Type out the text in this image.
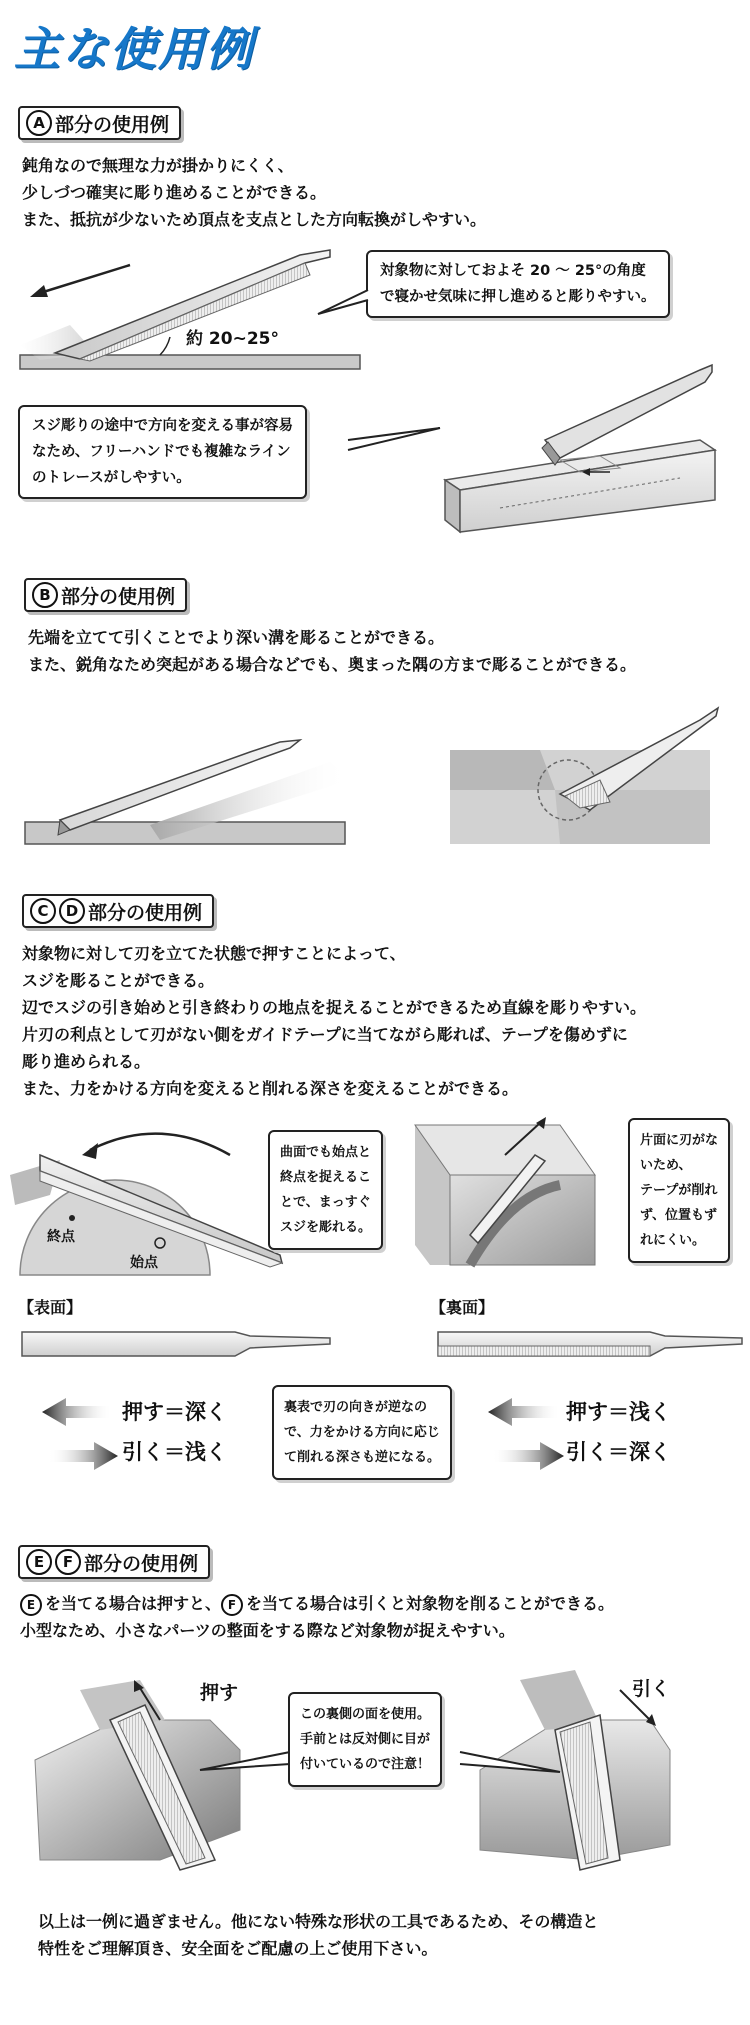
主な使用例
A 部分の使用例
鈍角なので無理な力が掛かりにくく、
少しづつ確実に彫り進めることができる。
また、抵抗が少ないため頂点を支点とした方向転換がしやすい。
約 20~25°
対象物に対しておよそ 20 ～ 25°の角度
で寝かせ気味に押し進めると彫りやすい。
スジ彫りの途中で方向を変える事が容易
なため、フリーハンドでも複雑なライン
のトレースがしやすい。
B 部分の使用例
先端を立てて引くことでより深い溝を彫ることができる。
また、鋭角なため突起がある場合などでも、奥まった隅の方まで彫ることができる。
C	D 部分の使用例
対象物に対して刃を立てた状態で押すことによって、
スジを彫ることができる。
辺でスジの引き始めと引き終わりの地点を捉えることができるため直線を彫りやすい。
片刃の利点として刃がない側をガイドテープに当てながら彫れば、テープを傷めずに
彫り進められる。
また、力をかける方向を変えると削れる深さを変えることができる。
終点
始点
曲面でも始点と
終点を捉えるこ
とで、まっすぐ
スジを彫れる。
片面に刃がな
いため、
テープが削れ
ず、位置もず
れにくい。
【表面】	【裏面】
押す＝深く
引く＝浅く
押す＝浅く
引く＝深く
裏表で刃の向きが逆なの
で、力をかける方向に応じ
て削れる深さも逆になる。
E	F 部分の使用例
E を当てる場合は押すと、 F を当てる場合は引くと対象物を削ることができる。
小型なため、小さなパーツの整面をする際など対象物が捉えやすい。
押す	引く
この裏側の面を使用。
手前とは反対側に目が
付いているので注意！
以上は一例に過ぎません。他にない特殊な形状の工具であるため、その構造と
特性をご理解頂き、安全面をご配慮の上ご使用下さい。
